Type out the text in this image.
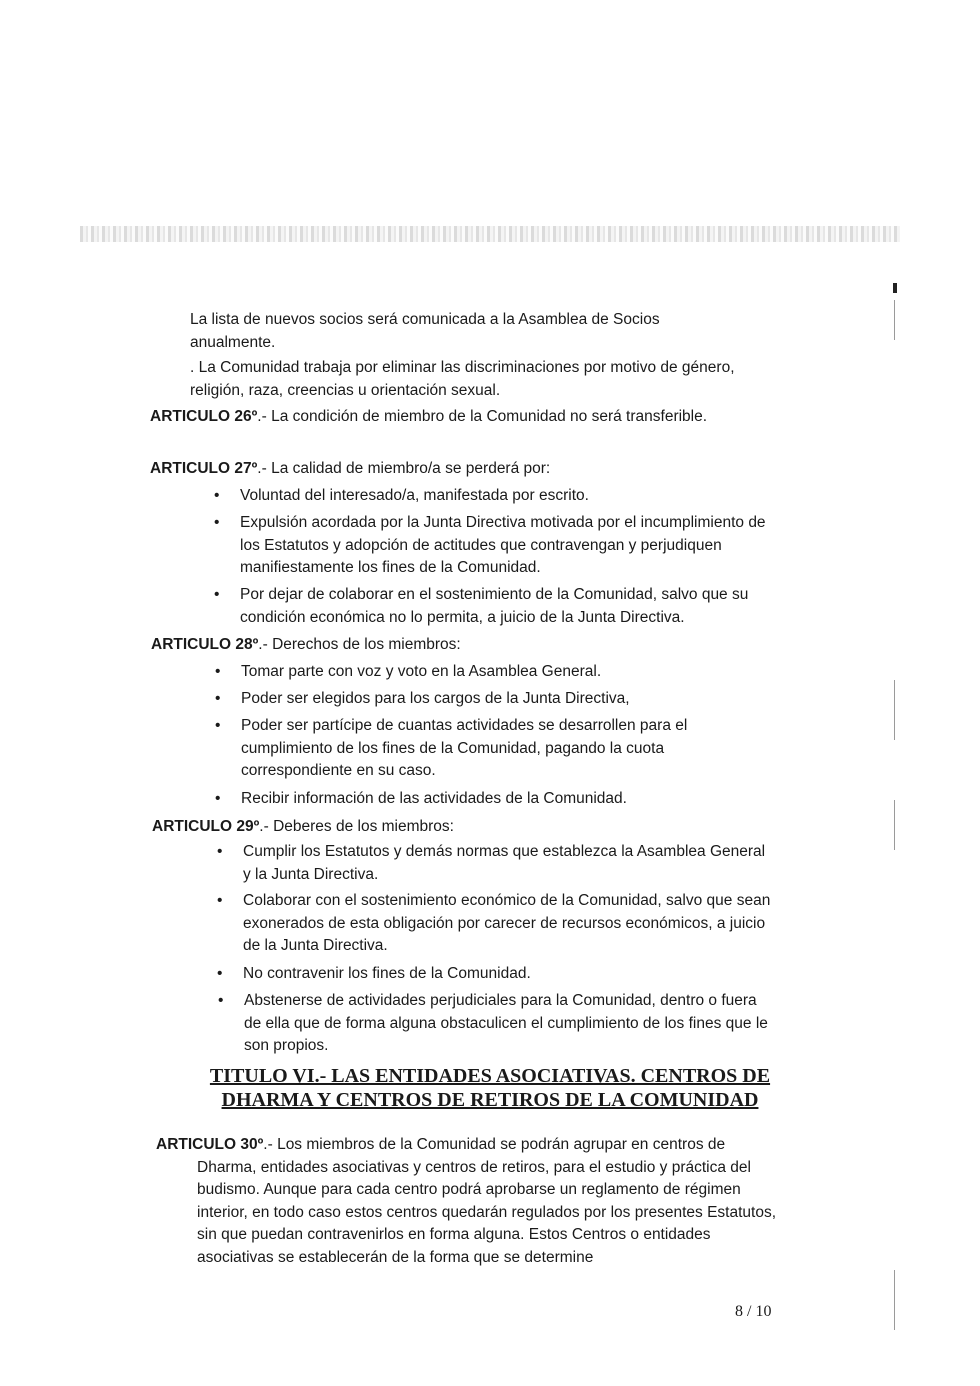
La lista de nuevos socios será comunicada a la Asamblea de Socios anualmente.

. La Comunidad trabaja por eliminar las discriminaciones por motivo de género, religión, raza, creencias u orientación sexual.

ARTICULO 26º.- La condición de miembro de la Comunidad no será transferible.

ARTICULO 27º.- La calidad de miembro/a se perderá por:

• Voluntad del interesado/a, manifestada por escrito.
• Expulsión acordada por la Junta Directiva motivada por el incumplimiento de los Estatutos y adopción de actitudes que contravengan y perjudiquen manifiestamente los fines de la Comunidad.
• Por dejar de colaborar en el sostenimiento de la Comunidad, salvo que su condición económica no lo permita, a juicio de la Junta Directiva.

ARTICULO 28º.- Derechos de los miembros:

• Tomar parte con voz y voto en la Asamblea General.
• Poder ser elegidos para los cargos de la Junta Directiva,
• Poder ser partícipe de cuantas actividades se desarrollen para el cumplimiento de los fines de la Comunidad, pagando la cuota correspondiente en su caso.
• Recibir información de las actividades de la Comunidad.

ARTICULO 29º.- Deberes de los miembros:

• Cumplir los Estatutos y demás normas que establezca la Asamblea General y la Junta Directiva.
• Colaborar con el sostenimiento económico de la Comunidad, salvo que sean exonerados de esta obligación por carecer de recursos económicos, a juicio de la Junta Directiva.
• No contravenir los fines de la Comunidad.
• Abstenerse de actividades perjudiciales para la Comunidad, dentro o fuera de ella que de forma alguna obstaculicen el cumplimiento de los fines que le son propios.
TITULO VI.- LAS ENTIDADES ASOCIATIVAS. CENTROS DE
DHARMA Y CENTROS DE RETIROS DE LA COMUNIDAD

ARTICULO 30º.- Los miembros de la Comunidad se podrán agrupar en centros de Dharma, entidades asociativas y centros de retiros, para el estudio y práctica del budismo. Aunque para cada centro podrá aprobarse un reglamento de régimen interior, en todo caso estos centros quedarán regulados por los presentes Estatutos, sin que puedan contravenirlos en forma alguna. Estos Centros o entidades asociativas se establecerán de la forma que se determine

8 / 10
